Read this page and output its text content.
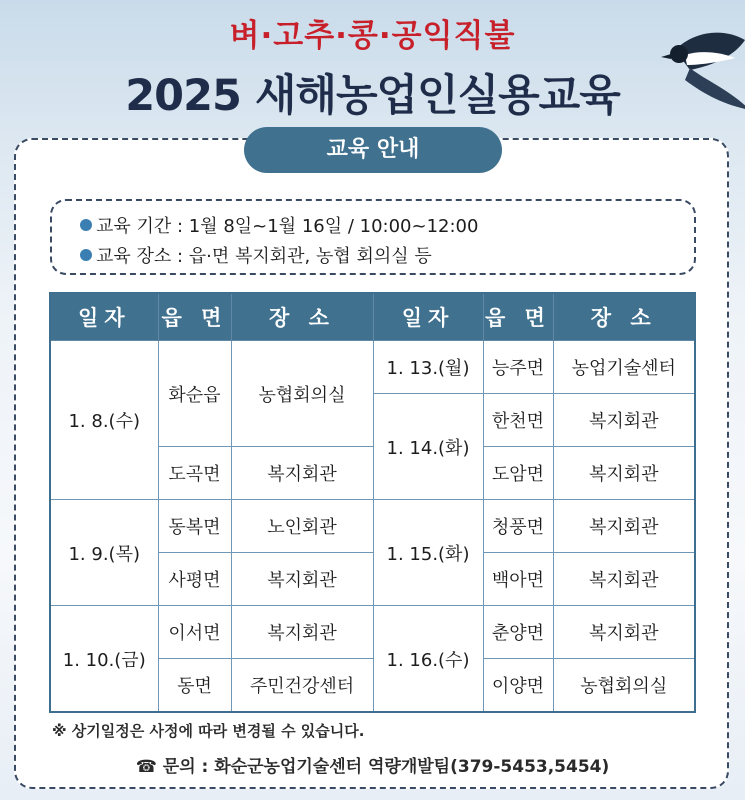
벼·고추·콩·공익직불
2025 새해농업인실용교육
교육 안내
교육 기간 : 1월 8일~1월 16일 / 10:00~12:00
교육 장소 : 읍·면 복지회관, 농협 회의실 등
일자	읍 면	장 소	일자	읍 면	장 소
1. 8.(수)	화순읍	농협회의실	1. 13.(월)	능주면	농업기술센터
			1. 14.(화)	한천면	복지회관
	도곡면	복지회관		도암면	복지회관
1. 9.(목)	동복면	노인회관	1. 15.(화)	청풍면	복지회관
	사평면	복지회관		백아면	복지회관
1. 10.(금)	이서면	복지회관	1. 16.(수)	춘양면	복지회관
	동면	주민건강센터		이양면	농협회의실
※ 상기일정은 사정에 따라 변경될 수 있습니다.
☎ 문의 : 화순군농업기술센터 역량개발팀(379-5453,5454)
